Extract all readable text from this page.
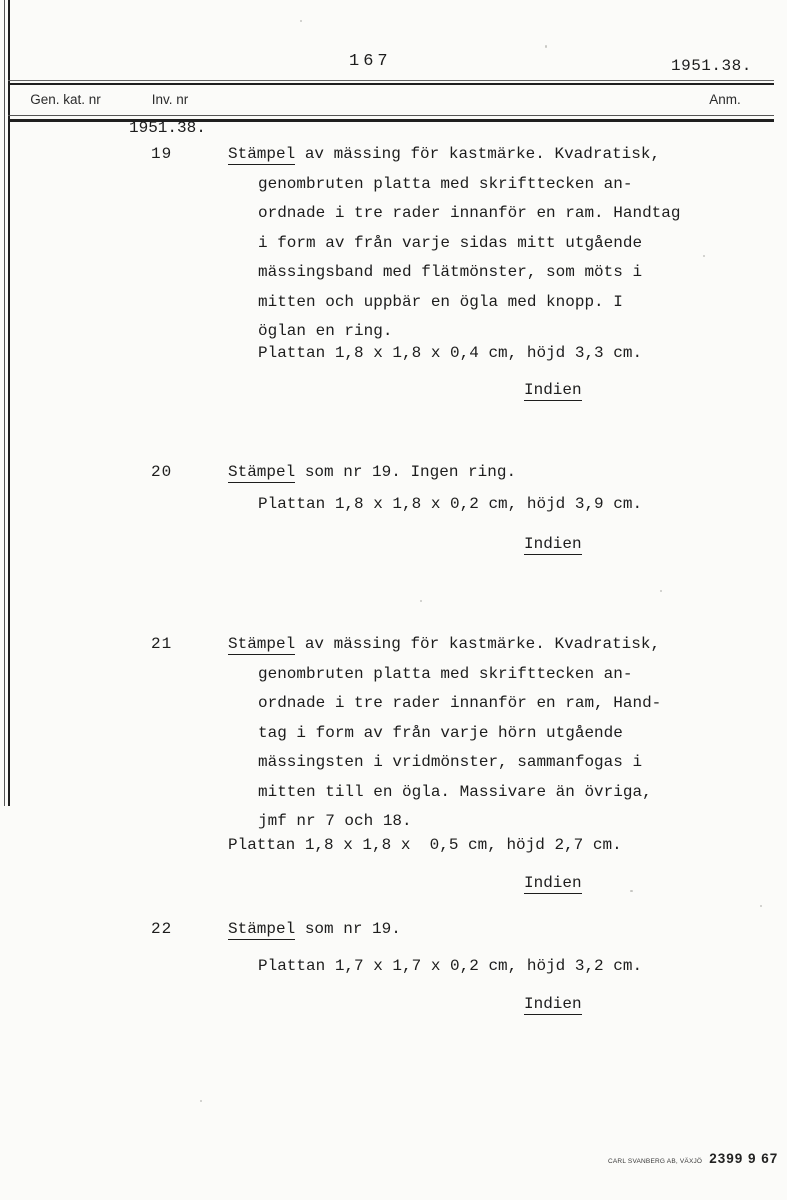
167	1951.38.
Gen. kat. nr	Inv. nr	Anm.
1951.38.
19	Stämpel av mässing för kastmärke. Kvadratisk,
genombruten platta med skrifttecken an-
ordnade i tre rader innanför en ram. Handtag
i form av från varje sidas mitt utgående
mässingsband med flätmönster, som möts i
mitten och uppbär en ögla med knopp. I
öglan en ring.
Plattan 1,8 x 1,8 x 0,4 cm, höjd 3,3 cm.
Indien
20	Stämpel som nr 19. Ingen ring.
Plattan 1,8 x 1,8 x 0,2 cm, höjd 3,9 cm.
Indien
21	Stämpel av mässing för kastmärke. Kvadratisk,
genombruten platta med skrifttecken an-
ordnade i tre rader innanför en ram, Hand-
tag i form av från varje hörn utgående
mässingsten i vridmönster, sammanfogas i
mitten till en ögla. Massivare än övriga,
jmf nr 7 och 18.
Plattan 1,8 x 1,8 x  0,5 cm, höjd 2,7 cm.
Indien
22	Stämpel som nr 19.
Plattan 1,7 x 1,7 x 0,2 cm, höjd 3,2 cm.
Indien
CARL SVANBERG AB, VÄXJÖ 2399 9 67
